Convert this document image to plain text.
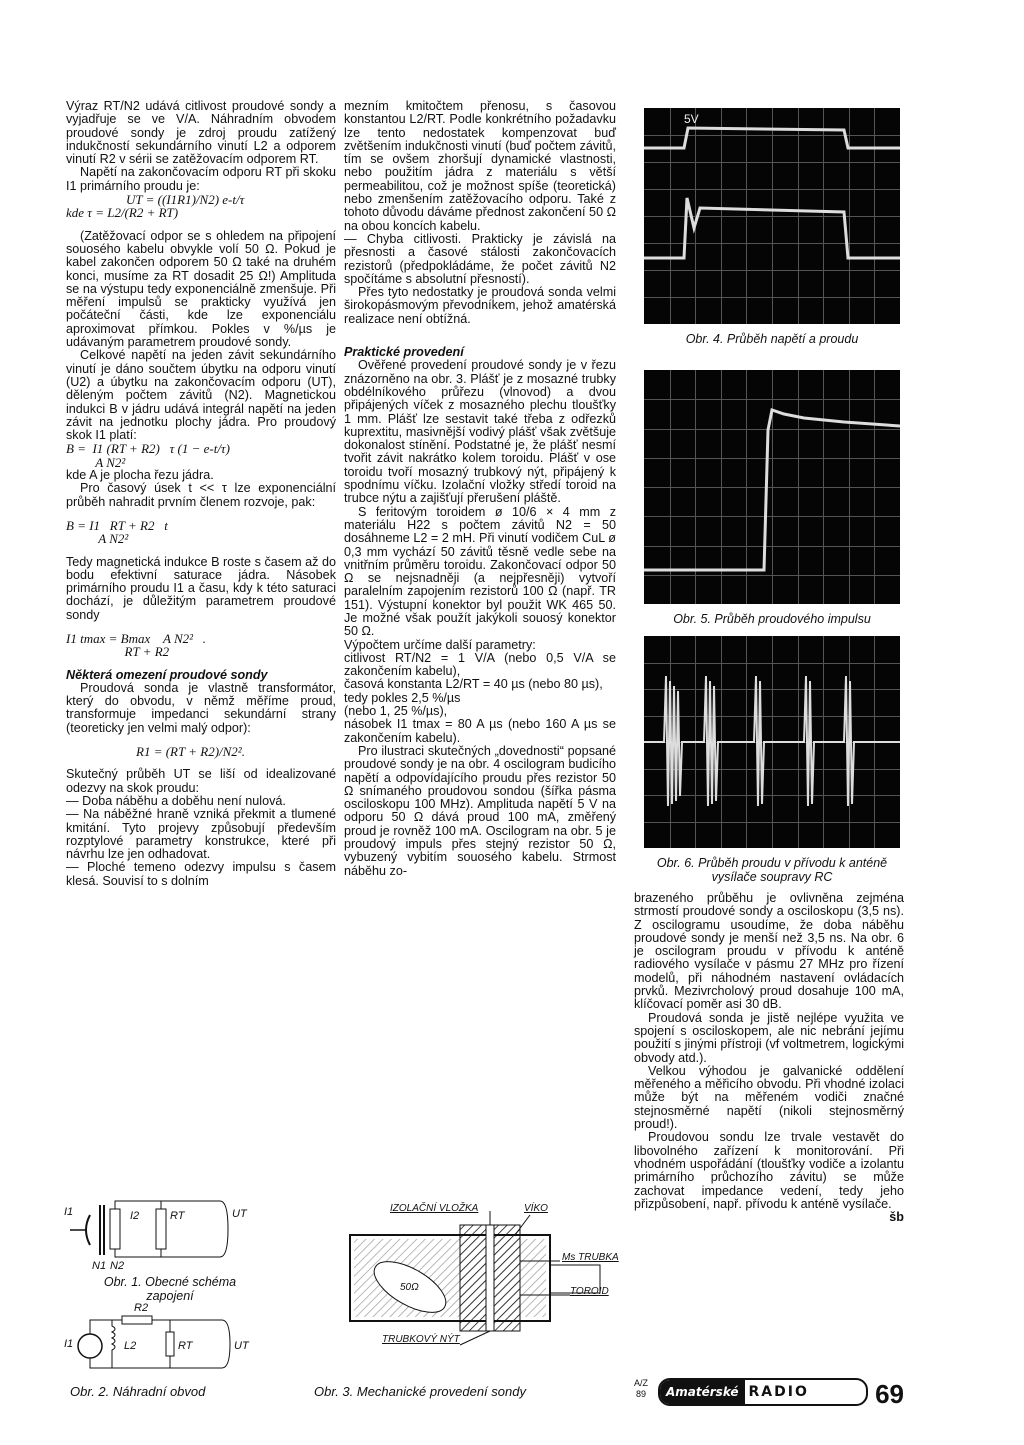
Výraz RT/N2 udává citlivost proudové sondy a vyjadřuje se ve V/A. Náhradním obvodem proudové sondy je zdroj proudu zatížený indukčností sekundárního vinutí L2 a odporem vinutí R2 v sérii se zatěžovacím odporem RT.

Napětí na zakončovacím odporu RT při skoku I1 primárního proudu je:

UT = ((I1R1)/N2) e-t/τ

kde τ = L2/(R2 + RT)

(Zatěžovací odpor se s ohledem na připojení souosého kabelu obvykle volí 50 Ω. Pokud je kabel zakončen odporem 50 Ω také na druhém konci, musíme za RT dosadit 25 Ω!) Amplituda se na výstupu tedy exponenciálně zmenšuje. Při měření impulsů se prakticky využívá jen počáteční části, kde lze exponenciálu aproximovat přímkou. Pokles v %/µs je udávaným parametrem proudové sondy.

Celkové napětí na jeden závit sekundárního vinutí je dáno součtem úbytku na odporu vinutí (U2) a úbytku na zakončovacím odporu (UT), děleným počtem závitů (N2). Magnetickou indukci B v jádru udává integrál napětí na jeden závit na jednotku plochy jádra. Pro proudový skok I1 platí:

B =  I1 (RT + R2)   τ (1 − e-t/τ)
A N2²

kde A je plocha řezu jádra.

Pro časový úsek t << τ lze exponenciální průběh nahradit prvním členem rozvoje, pak:

B = I1   RT + R2   t
A N2²

Tedy magnetická indukce B roste s časem až do bodu efektivní saturace jádra. Násobek primárního proudu I1 a času, kdy k této saturaci dochází, je důležitým parametrem proudové sondy

I1 tmax = Bmax    A N2²   .
RT + R2

Některá omezení proudové sondy

Proudová sonda je vlastně transformátor, který do obvodu, v němž měříme proud, transformuje impedanci sekundární strany (teoreticky jen velmi malý odpor):

R1 = (RT + R2)/N2².

Skutečný průběh UT se liší od idealizované odezvy na skok proudu:

— Doba náběhu a doběhu není nulová.

— Na náběžné hraně vzniká překmit a tlumené kmitání. Tyto projevy způsobují především rozptylové parametry konstrukce, které při návrhu lze jen odhadovat.

— Ploché temeno odezvy impulsu s časem klesá. Souvisí to s dolním

mezním kmitočtem přenosu, s časovou konstantou L2/RT. Podle konkrétního požadavku lze tento nedostatek kompenzovat buď zvětšením indukčnosti vinutí (buď počtem závitů, tím se ovšem zhoršují dynamické vlastnosti, nebo použitím jádra z materiálu s větší permeabilitou, což je možnost spíše (teoretická) nebo zmenšením zatěžovacího odporu. Také z tohoto důvodu dáváme přednost zakončení 50 Ω na obou koncích kabelu.

— Chyba citlivosti. Prakticky je závislá na přesnosti a časové stálosti zakončovacích rezistorů (předpokládáme, že počet závitů N2 spočítáme s absolutní přesností).

Přes tyto nedostatky je proudová sonda velmi širokopásmovým převodníkem, jehož amatérská realizace není obtížná.

Praktické provedení

Ověřené provedení proudové sondy je v řezu znázorněno na obr. 3. Plášť je z mosazné trubky obdélníkového průřezu (vlnovod) a dvou připájených víček z mosazného plechu tloušťky 1 mm. Plášť lze sestavit také třeba z odřezků kuprextitu, masivnější vodivý plášť však zvětšuje dokonalost stínění. Podstatné je, že plášť nesmí tvořit závit nakrátko kolem toroidu. Plášť v ose toroidu tvoří mosazný trubkový nýt, připájený k spodnímu víčku. Izolační vložky středí toroid na trubce nýtu a zajišťují přerušení pláště.

S feritovým toroidem ø 10/6 × 4 mm z materiálu H22 s počtem závitů N2 = 50 dosáhneme L2 = 2 mH. Při vinutí vodičem CuL ø 0,3 mm vychází 50 závitů těsně vedle sebe na vnitřním průměru toroidu. Zakončovací odpor 50 Ω se nejsnadněji (a nejpřesněji) vytvoří paralelním zapojením rezistorů 100 Ω (např. TR 151). Výstupní konektor byl použit WK 465 50. Je možné však použít jakýkoli souosý konektor 50 Ω.

Výpočtem určíme další parametry:

citlivost RT/N2 = 1 V/A (nebo 0,5 V/A se zakončením kabelu),

časová konstanta L2/RT = 40 µs (nebo 80 µs),

tedy pokles 2,5 %/µs

(nebo 1, 25 %/µs),

násobek I1 tmax = 80 A µs (nebo 160 A µs se zakončením kabelu).

Pro ilustraci skutečných „dovednosti“ popsané proudové sondy je na obr. 4 oscilogram budicího napětí a odpovídajícího proudu přes rezistor 50 Ω snímaného proudovou sondou (šířka pásma osciloskopu 100 MHz). Amplituda napětí 5 V na odporu 50 Ω dává proud 100 mA, změřený proud je rovněž 100 mA. Oscilogram na obr. 5 je proudový impuls přes stejný rezistor 50 Ω, vybuzený vybitím souosého kabelu. Strmost náběhu zo-

brazeného průběhu je ovlivněna zejména strmostí proudové sondy a osciloskopu (3,5 ns). Z oscilogramu usoudíme, že doba náběhu proudové sondy je menší než 3,5 ns. Na obr. 6 je oscilogram proudu v přívodu k anténě radiového vysílače v pásmu 27 MHz pro řízení modelů, při náhodném nastavení ovládacích prvků. Mezivrcholový proud dosahuje 100 mA, klíčovací poměr asi 30 dB.

Proudová sonda je jistě nejlépe využita ve spojení s osciloskopem, ale nic nebrání jejímu použití s jinými přístroji (vf voltmetrem, logickými obvody atd.).

Velkou výhodou je galvanické oddělení měřeného a měřicího obvodu. Při vhodné izolaci může být na měřeném vodiči značné stejnosměrné napětí (nikoli stejnosměrný proud!).

Proudovou sondu lze trvale vestavět do libovolného zařízení k monitorování. Při vhodném uspořádání (tloušťky vodiče a izolantu primárního průchozího závitu) se může zachovat impedance vedení, tedy jeho přizpůsobení, např. přívodu k anténě vysílače.

šb

5V
Obr. 4. Průběh napětí a proudu
Obr. 5. Průběh proudového impulsu
Obr. 6. Průběh proudu v přívodu k anténě vysílače soupravy RC
I1	I2	RT	UT
N1 N2
Obr. 1. Obecné schéma zapojení
R2
I1	L2	RT	UT
IZOLAČNÍ VLOŽKA	VÍKO
Ms TRUBKA
TOROID
TRUBKOVÝ NÝT
50Ω
Obr. 2. Náhradní obvod	Obr. 3. Mechanické provedení sondy
A/Z
89	Amatérské RADIO	69
